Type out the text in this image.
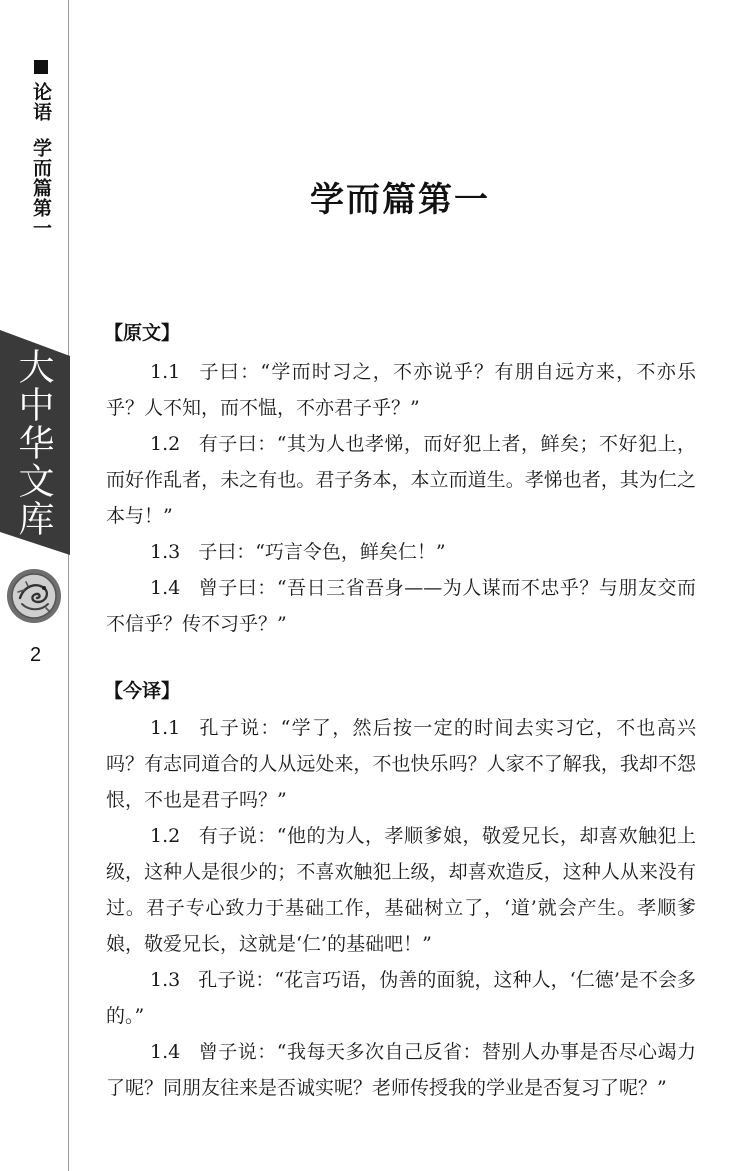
论语
学而篇第一
大中华文库
2
学而篇第一
【原文】

1.1 子曰：“学而时习之，不亦说乎？有朋自远方来，不亦乐乎？人不知，而不愠，不亦君子乎？”

1.2 有子曰：“其为人也孝悌，而好犯上者，鲜矣；不好犯上，而好作乱者，未之有也。君子务本，本立而道生。孝悌也者，其为仁之本与！”

1.3 子曰：“巧言令色，鲜矣仁！”

1.4 曾子曰：“吾日三省吾身——为人谋而不忠乎？与朋友交而不信乎？传不习乎？”

【今译】

1.1 孔子说：“学了，然后按一定的时间去实习它，不也高兴吗？有志同道合的人从远处来，不也快乐吗？人家不了解我，我却不怨恨，不也是君子吗？”

1.2 有子说：“他的为人，孝顺爹娘，敬爱兄长，却喜欢触犯上级，这种人是很少的；不喜欢触犯上级，却喜欢造反，这种人从来没有过。君子专心致力于基础工作，基础树立了，‘道’就会产生。孝顺爹娘，敬爱兄长，这就是‘仁’的基础吧！”

1.3 孔子说：“花言巧语，伪善的面貌，这种人，‘仁德’是不会多的。”

1.4 曾子说：“我每天多次自己反省：替别人办事是否尽心竭力了呢？同朋友往来是否诚实呢？老师传授我的学业是否复习了呢？”
